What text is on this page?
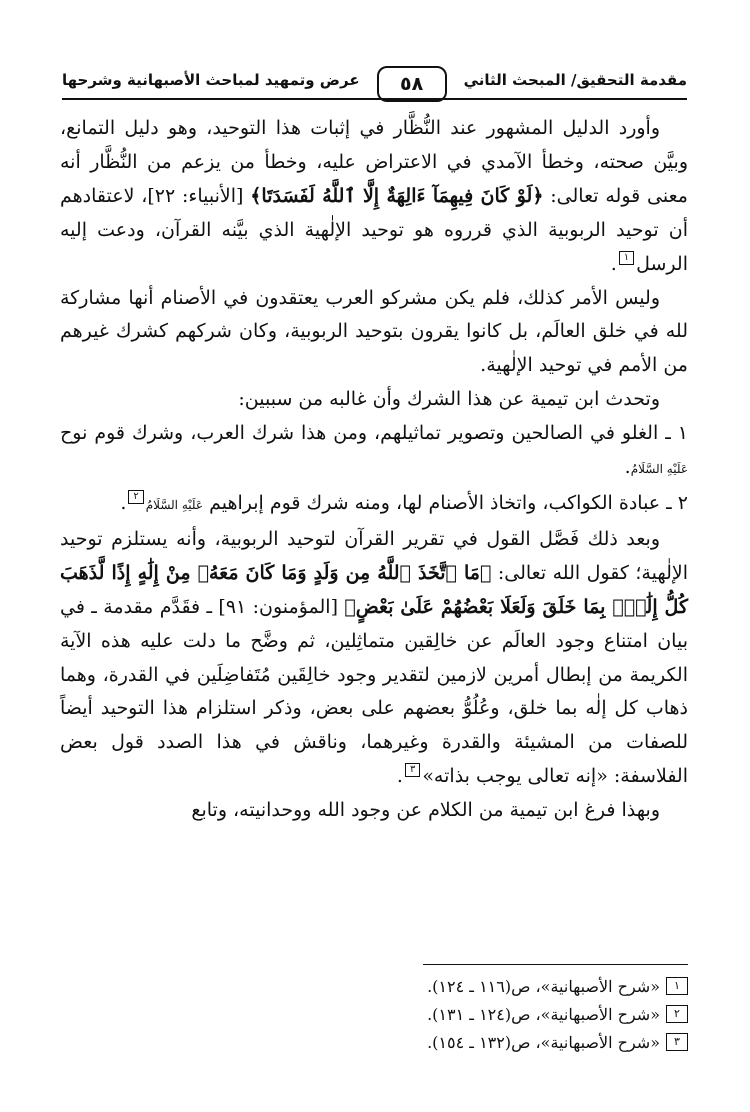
مقدمة التحقيق/ المبحث الثاني
٥٨
عرض وتمهيد لمباحث الأصبهانية وشرحها

وأورد الدليل المشهور عند النُّظَّار في إثبات هذا التوحيد، وهو دليل التمانع، وبيَّن صحته، وخطأ الآمدي في الاعتراض عليه، وخطأ من يزعم من النُّظَّار أنه معنى قوله تعالى: ﴿لَوْ كَانَ فِيهِمَآ ءَالِهَةٌ إِلَّا ٱللَّهُ لَفَسَدَتَا﴾ [الأنبياء: ٢٢]، لاعتقادهم أن توحيد الربوبية الذي قرروه هو توحيد الإلٰهية الذي بيَّنه القرآن، ودعت إليه الرسل١.

وليس الأمر كذلك، فلم يكن مشركو العرب يعتقدون في الأصنام أنها مشاركة لله في خلق العالَم، بل كانوا يقرون بتوحيد الربوبية، وكان شركهم كشرك غيرهم من الأمم في توحيد الإلٰهية.

وتحدث ابن تيمية عن هذا الشرك وأن غالبه من سببين:

١ ـ الغلو في الصالحين وتصوير تماثيلهم، ومن هذا شرك العرب، وشرك قوم نوح عَلَيْهِ السَّلَامُ.

٢ ـ عبادة الكواكب، واتخاذ الأصنام لها، ومنه شرك قوم إبراهيم عَلَيْهِ السَّلَامُ٢.

وبعد ذلك فَصَّل القول في تقرير القرآن لتوحيد الربوبية، وأنه يستلزم توحيد الإلٰهية؛ كقول الله تعالى: ﴿مَا ٱتَّخَذَ ٱللَّهُ مِن وَلَدٍ وَمَا كَانَ مَعَهُۥ مِنْ إِلَٰهٍ إِذًا لَّذَهَبَ كُلُّ إِلَٰهٍۭ بِمَا خَلَقَ وَلَعَلَا بَعْضُهُمْ عَلَىٰ بَعْضٍ﴾ [المؤمنون: ٩١] ـ فقَدَّم مقدمة ـ في بيان امتناع وجود العالَم عن خالِقين متماثِلين، ثم وضَّح ما دلت عليه هذه الآية الكريمة من إبطال أمرين لازمين لتقدير وجود خالِقَين مُتَفاضِلَين في القدرة، وهما ذهاب كل إلٰه بما خلق، وعُلُوُّ بعضهم على بعض، وذكر استلزام هذا التوحيد أيضاً للصفات من المشيئة والقدرة وغيرهما، وناقش في هذا الصدد قول بعض الفلاسفة: «إنه تعالى يوجب بذاته»٣.

وبهذا فرغ ابن تيمية من الكلام عن وجود الله ووحدانيته، وتابع

١
«شرح الأصبهانية»، ص(١١٦ ـ ١٢٤).
٢
«شرح الأصبهانية»، ص(١٢٤ ـ ١٣١).
٣
«شرح الأصبهانية»، ص(١٣٢ ـ ١٥٤).
